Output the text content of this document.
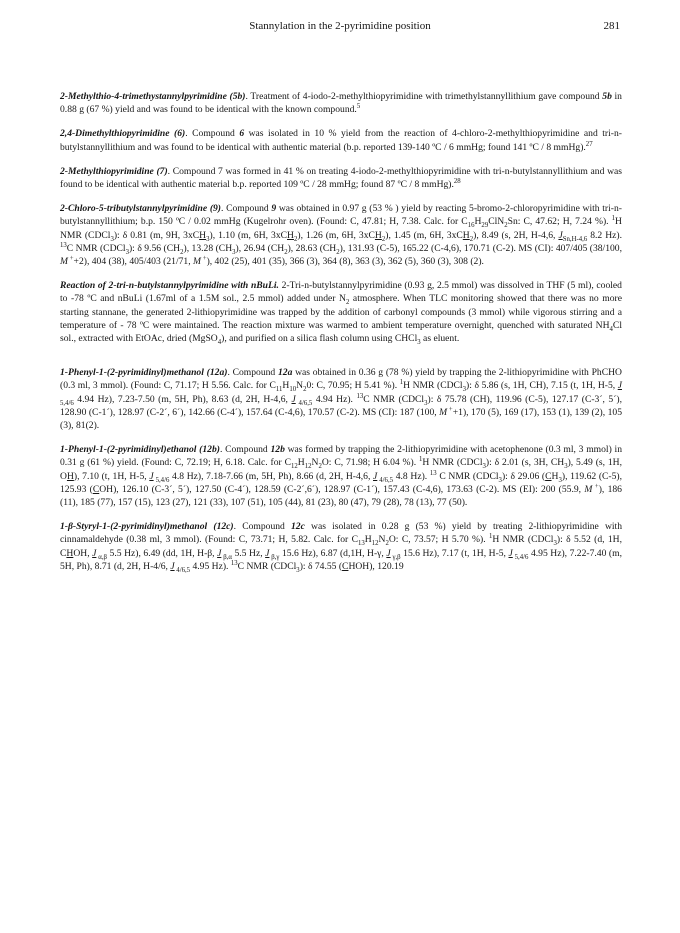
Stannylation in the 2-pyrimidine position	281

2-Methylthio-4-trimethystannylpyrimidine (5b). Treatment of 4-iodo-2-methylthiopyrimidine with trimethylstannyllithium gave compound 5b in 0.88 g (67 %) yield and was found to be identical with the known compound.$^5$

2,4-Dimethylthiopyrimidine (6). Compound 6 was isolated in 10 % yield from the reaction of 4-chloro-2-methylthiopyrimidine and tri-n-butylstannyllithium and was found to be identical with authentic material (b.p. reported 139-140 ºC / 6 mmHg; found 141 ºC / 8 mmHg).$^{27}$

2-Methylthiopyrimidine (7). Compound 7 was formed in 41 % on treating 4-iodo-2-methylthiopyrimidine with tri-n-butylstannyllithium and was found to be identical with authentic material b.p. reported 109 ºC / 28 mmHg; found 87 ºC / 8 mmHg).$^{28}$

2-Chloro-5-tributylstannylpyrimidine (9). Compound 9 was obtained in 0.97 g (53 % ) yield by reacting 5-bromo-2-chloropyrimidine with tri-n-butylstannyllithium; b.p. 150 ºC / 0.02 mmHg (Kugelrohr oven). (Found: C, 47.81; H, 7.38. Calc. for $C_{16}H_{29}ClN_2Sn$: C, 47.62; H, 7.24 %). $^1$H NMR (CDCl$_3$): δ 0.81 (m, 9H, 3xCH$_3$), 1.10 (m, 6H, 3xCH$_2$), 1.26 (m, 6H, 3xCH$_2$), 1.45 (m, 6H, 3xCH$_2$), 8.49 (s, 2H, H-4,6, $J_{Sn,H-4,6}$ 8.2 Hz). $^{13}$C NMR (CDCl$_3$): δ 9.56 $(CH_2)$, 13.28 $(CH_3)$, 26.94 $(CH_2)$, 28.63 $(CH_2)$, 131.93 (C-5), 165.22 (C-4,6), 170.71 (C-2). MS (CI): 407/405 (38/100, M ++2), 404 (38), 405/403 (21/71, M +), 402 (25), 401 (35), 366 (3), 364 (8), 363 (3), 362 (5), 360 (3), 308 (2).

Reaction of 2-tri-n-butylstannylpyrimidine with nBuLi. 2-Tri-n-butylstannylpyrimidine (0.93 g, 2.5 mmol) was dissolved in THF (5 ml), cooled to -78 ºC and nBuLi (1.67ml of a 1.5M sol., 2.5 mmol) added under $N_2$ atmosphere. When TLC monitoring showed that there was no more starting stannane, the generated 2-lithiopyrimidine was trapped by the addition of carbonyl compounds (3 mmol) while vigorous stirring and a temperature of - 78 ºC were maintained. The reaction mixture was warmed to ambient temperature overnight, quenched with saturated $NH_4Cl$ sol., extracted with EtOAc, dried (MgSO$_4$), and purified on a silica flash column using CHCl$_3$ as eluent.

1-Phenyl-1-(2-pyrimidinyl)methanol (12a). Compound 12a was obtained in 0.36 g (78 %) yield by trapping the 2-lithiopyrimidine with PhCHO (0.3 ml, 3 mmol). (Found: C, 71.17; H 5.56. Calc. for $C_{11}H_{10}N_20$: C, 70.95; H 5.41 %). $^1$H NMR (CDCl$_3$): δ 5.86 (s, 1H, CH), 7.15 (t, 1H, H-5, J $_{5,4/6}$ 4.94 Hz), 7.23-7.50 (m, 5H, Ph), 8.63 (d, 2H, H-4,6, J $_{4/6,5}$ 4.94 Hz). $^{13}$C NMR (CDCl$_3$): δ 75.78 (CH), 119.96 (C-5), 127.17 (C-3´, 5´), 128.90 (C-1´), 128.97 (C-2´, 6´), 142.66 (C-4´), 157.64 (C-4,6), 170.57 (C-2). MS (CI): 187 (100, M ++1), 170 (5), 169 (17), 153 (1), 139 (2), 105 (3), 81(2).

1-Phenyl-1-(2-pyrimidinyl)ethanol (12b). Compound 12b was formed by trapping the 2-lithiopyrimidine with acetophenone (0.3 ml, 3 mmol) in 0.31 g (61 %) yield. (Found: C, 72.19; H, 6.18. Calc. for $C_{12}H_{12}N_2O$: C, 71.98; H 6.04 %). $^1$H NMR (CDCl$_3$): δ 2.01 (s, 3H, $CH_3$), 5.49 (s, 1H, OH), 7.10 (t, 1H, H-5, J $_{5,4/6}$ 4.8 Hz), 7.18-7.66 (m, 5H, Ph), 8.66 (d, 2H, H-4,6, J $_{4/6,5}$ 4.8 Hz). $^{13}$ C NMR (CDCl$_3$): δ 29.06 $(CH_3)$, 119.62 (C-5), 125.93 (COH), 126.10 (C-3´, 5´), 127.50 (C-4´), 128.59 (C-2´,6´), 128.97 (C-1´), 157.43 (C-4,6), 173.63 (C-2). MS (EI): 200 (55.9, M +), 186 (11), 185 (77), 157 (15), 123 (27), 121 (33), 107 (51), 105 (44), 81 (23), 80 (47), 79 (28), 78 (13), 77 (50).

1-β-Styryl-1-(2-pyrimidinyl)methanol (12c). Compound 12c was isolated in 0.28 g (53 %) yield by treating 2-lithiopyrimidine with cinnamaldehyde (0.38 ml, 3 mmol). (Found: C, 73.71; H, 5.82. Calc. for $C_{13}H_{12}N_2O$: C, 73.57; H 5.70 %). $^1$H NMR (CDCl$_3$): δ 5.52 (d, 1H, CHOH, J $_{\alpha,\beta}$ 5.5 Hz), 6.49 (dd, 1H, H-β, J $_{\beta,\alpha}$ 5.5 Hz, J $_{\beta,\gamma}$ 15.6 Hz), 6.87 (d,1H, H-γ, J $_{\gamma,\beta}$ 15.6 Hz), 7.17 (t, 1H, H-5, J $_{5,4/6}$ 4.95 Hz), 7.22-7.40 (m, 5H, Ph), 8.71 (d, 2H, H-4/6, J $_{4/6,5}$ 4.95 Hz). $^{13}$C NMR (CDCl$_3$): δ 74.55 (CHOH), 120.19
